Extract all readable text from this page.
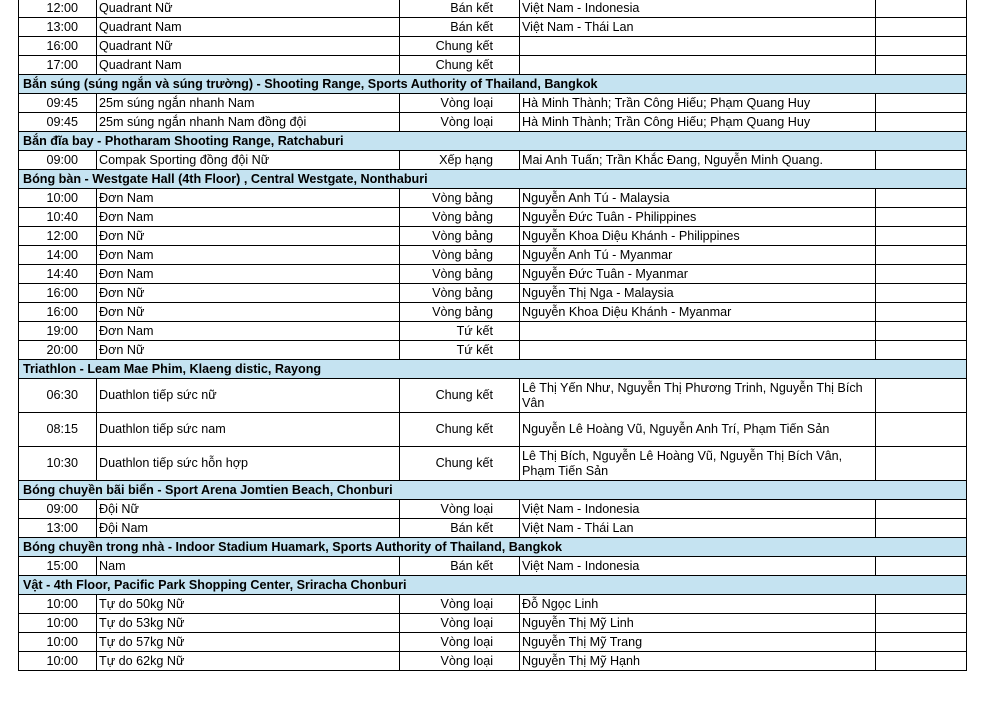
12:00	Quadrant Nữ	Bán kết	Việt Nam - Indonesia	
13:00	Quadrant Nam	Bán kết	Việt Nam - Thái Lan	
16:00	Quadrant Nữ	Chung kết		
17:00	Quadrant Nam	Chung kết		
Bắn súng (súng ngắn và súng trường) - Shooting Range, Sports Authority of Thailand, Bangkok				
09:45	25m súng ngắn nhanh Nam	Vòng loại	Hà Minh Thành; Trần Công Hiếu; Phạm Quang Huy	
09:45	25m súng ngắn nhanh Nam đồng đội	Vòng loại	Hà Minh Thành; Trần Công Hiếu; Phạm Quang Huy	
Bắn đĩa bay - Photharam Shooting Range, Ratchaburi				
09:00	Compak Sporting đồng đội Nữ	Xếp hạng	Mai Anh Tuấn; Trần Khắc Đang, Nguyễn Minh Quang.	
Bóng bàn - Westgate Hall (4th Floor) , Central Westgate, Nonthaburi				
10:00	Đơn Nam	Vòng bảng	Nguyễn Anh Tú - Malaysia	
10:40	Đơn Nam	Vòng bảng	Nguyễn Đức Tuân - Philippines	
12:00	Đơn Nữ	Vòng bảng	Nguyễn Khoa Diệu Khánh - Philippines	
14:00	Đơn Nam	Vòng bảng	Nguyễn Anh Tú - Myanmar	
14:40	Đơn Nam	Vòng bảng	Nguyễn Đức Tuân - Myanmar	
16:00	Đơn Nữ	Vòng bảng	Nguyễn Thị Nga - Malaysia	
16:00	Đơn Nữ	Vòng bảng	Nguyễn Khoa Diệu Khánh - Myanmar	
19:00	Đơn Nam	Tứ kết		
20:00	Đơn Nữ	Tứ kết		
Triathlon - Leam Mae Phim, Klaeng distic, Rayong				
06:30	Duathlon tiếp sức nữ	Chung kết	Lê Thị Yến Như, Nguyễn Thị Phương Trinh, Nguyễn Thị Bích Vân	
08:15	Duathlon tiếp sức nam	Chung kết	Nguyễn Lê Hoàng Vũ, Nguyễn Anh Trí, Phạm Tiến Sản	
10:30	Duathlon tiếp sức hỗn hợp	Chung kết	Lê Thị Bích, Nguyễn Lê Hoàng Vũ, Nguyễn Thị Bích Vân, Phạm Tiến Sản	
Bóng chuyền bãi biển - Sport Arena Jomtien Beach, Chonburi				
09:00	Đội Nữ	Vòng loại	Việt Nam - Indonesia	
13:00	Đội Nam	Bán kết	Việt Nam - Thái Lan	
Bóng chuyền trong nhà - Indoor Stadium Huamark, Sports Authority of Thailand, Bangkok				
15:00	Nam	Bán kết	Việt Nam - Indonesia	
Vật - 4th Floor, Pacific Park Shopping Center, Sriracha Chonburi				
10:00	Tự do 50kg Nữ	Vòng loại	Đỗ Ngọc Linh	
10:00	Tự do 53kg Nữ	Vòng loại	Nguyễn Thị Mỹ Linh	
10:00	Tự do 57kg Nữ	Vòng loại	Nguyễn Thị Mỹ Trang	
10:00	Tự do 62kg Nữ	Vòng loại	Nguyễn Thị Mỹ Hạnh	
